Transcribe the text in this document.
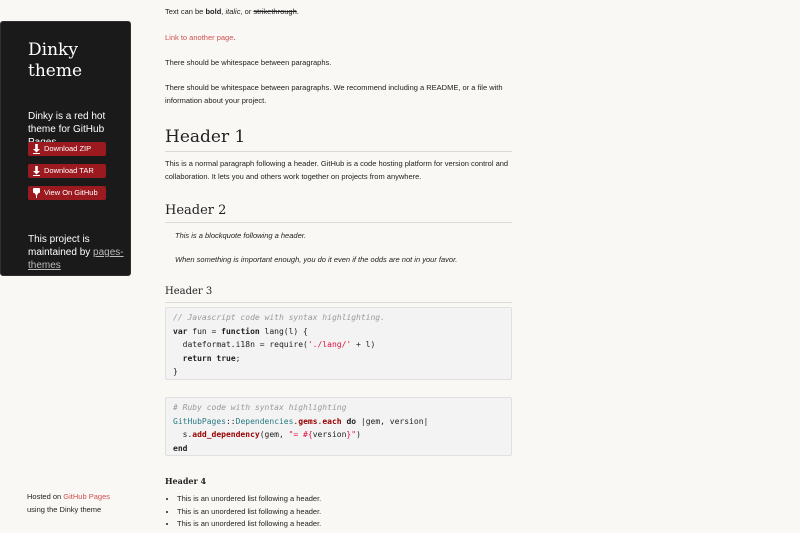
Dinky theme

Dinky is a red hot theme for GitHub

Download ZIP
Download TAR
View On GitHub

This project is maintained by pages-themes

Hosted on GitHub Pages
using the Dinky theme

Text can be bold, italic, or strikethrough.

Link to another page.

There should be whitespace between paragraphs.

There should be whitespace between paragraphs. We recommend including a README, or a file with information about your project.

Header 1

This is a normal paragraph following a header. GitHub is a code hosting platform for version control and collaboration. It lets you and others work together on projects from anywhere.

Header 2

This is a blockquote following a header.

When something is important enough, you do it even if the odds are not in your favor.

Header 3
// Javascript code with syntax highlighting.
var fun = function lang(l) {
dateformat.i18n = require('./lang/' + l)
return true;
}
# Ruby code with syntax highlighting
GitHubPages::Dependencies.gems.each do |gem, version|
s.add_dependency(gem, "= #{version}")
end
Header 4
• This is an unordered list following a header.
• This is an unordered list following a header.
• This is an unordered list following a header.
